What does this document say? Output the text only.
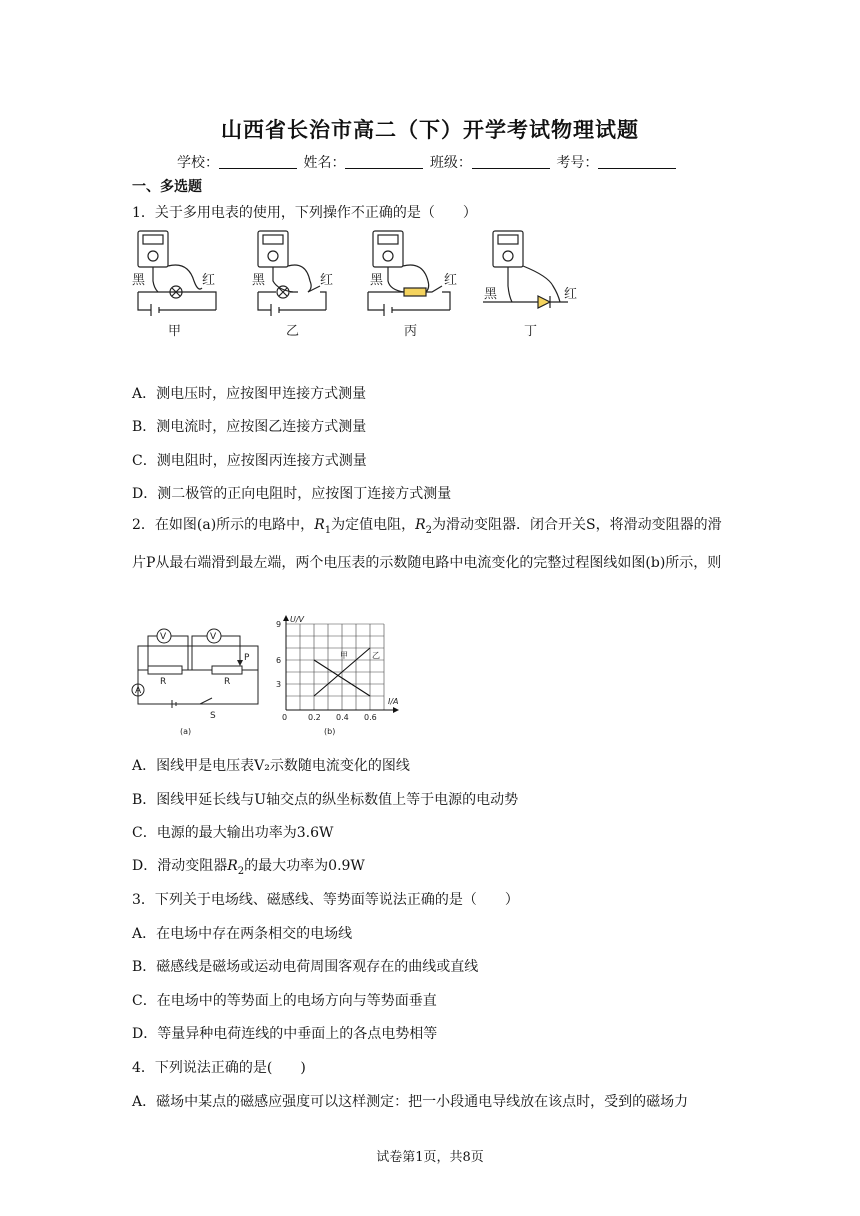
山西省长治市高二（下）开学考试物理试题
学校：	姓名：	班级：	考号：
一、多选题
1．关于多用电表的使用，下列操作不正确的是（　　）
黑	红	黑	红	黑	红
黑	红
甲	乙	丙	丁
A．测电压时，应按图甲连接方式测量
B．测电流时，应按图乙连接方式测量
C．测电阻时，应按图丙连接方式测量
D．测二极管的正向电阻时，应按图丁连接方式测量
2．在如图(a)所示的电路中，$R_1$为定值电阻，$R_2$为滑动变阻器．闭合开关S，将滑动变阻器的滑片P从最右端滑到最左端，两个电压表的示数随电路中电流变化的完整过程图线如图(b)所示，则
V	V
P
R	R
A
S
(a)
U/V
I/A
9
6
3
0	0.2 0.4 0.6
甲	乙
(b)
A．图线甲是电压表V₂示数随电流变化的图线
B．图线甲延长线与U轴交点的纵坐标数值上等于电源的电动势
C．电源的最大输出功率为3.6W
D．滑动变阻器$R_2$的最大功率为0.9W
3．下列关于电场线、磁感线、等势面等说法正确的是（　　）
A．在电场中存在两条相交的电场线
B．磁感线是磁场或运动电荷周围客观存在的曲线或直线
C．在电场中的等势面上的电场方向与等势面垂直
D．等量异种电荷连线的中垂面上的各点电势相等
4．下列说法正确的是(　　)
A．磁场中某点的磁感应强度可以这样测定：把一小段通电导线放在该点时，受到的磁场力
试卷第1页，共8页
